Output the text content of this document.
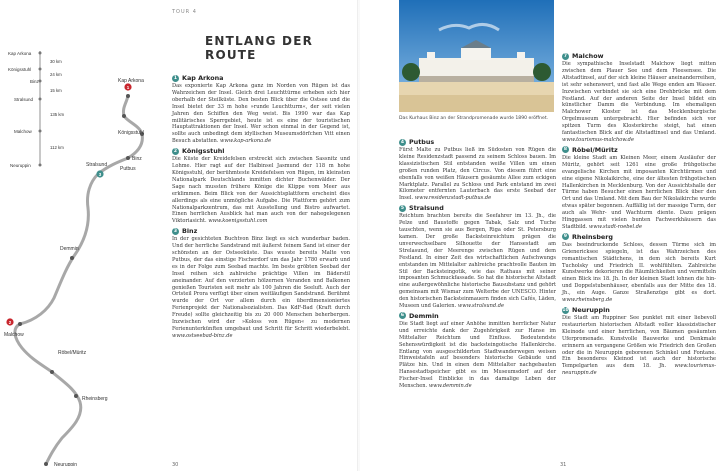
TOUR 4
ENTLANG DER ROUTE
Kap Arkona
Königsstuhl
Binz
Stralsund
Malchow
Neuruppin
30 km
24 km
15 km
135 km
112 km
1
3
2
Kap Arkona
Königsstuhl
Binz
Putbus
Stralsund
Demmin
Malchow
Röbel/Müritz
Rheinsberg
Neuruppin
1 Kap Arkona

Das exponierte Kap Arkona ganz im Norden von Rügen ist das Wahrzeichen der Insel. Gleich drei Leuchttürme erheben sich hier oberhalb der Steilküste. Den besten Blick über die Ostsee und die Insel bietet der 33 m hohe »runde Leuchtturm«, der seit vielen Jahren den Schiffen den Weg weist. Bis 1990 war das Kap militärisches Sperrgebiet, heute ist es eine der touristischen Hauptattraktionen der Insel. Wer schon einmal in der Gegend ist, sollte auch unbedingt dem idyllischen Museumsdörfchen Vitt einen Besuch abstatten. www.kap-arkona.de

2 Königsstuhl

Die Küste der Kreidefelsen erstreckt sich zwischen Sassnitz und Lohme. Hier ragt auf der Halbinsel Jasmund der 118 m hohe Königsstuhl, der berühmteste Kreidefelsen von Rügen, im kleinsten Nationalpark Deutschlands inmitten dichter Buchenwälder. Der Sage nach mussten frühere Könige die Klippe vom Meer aus erklimmen. Beim Blick von der Aussichtsplattform erscheint dies allerdings als eine unmögliche Aufgabe. Die Plattform gehört zum Nationalparkzentrum, das mit Ausstellung und Bistro aufwartet. Einen herrlichen Ausblick hat man auch von der nahegelegenen Viktoriasicht. www.koenigsstuhl.com

3 Binz

In der gesichteten Buchtvon Binz liegt es sich wunderbar baden. Und der herrliche Sandstrand mit äußerst feinem Sand ist einer der schönsten an der Ostseeküste. Das wusste bereits Malte von Putbus, der das einstige Fischerdorf um das Jahr 1780 erwarb und es in der Folge zum Seebad machte. Im beste gröbten Seebad der Insel reihen sich zahlreiche prächtige Villen im Bäderstil aneinander. Auf den verzierten hölzernen Veranden und Balkonen genießen Touristen seit mehr als 100 Jahren die Seeluft. Auch der Ortsteil Prora verfügt über einen weitläufigen Sandstrand. Berühmt wurde der Ort vor allem durch ein überdimensioniertes Ferienprojekt der Nationalsozialisten. Das KdF-Bad (Kraft durch Freude) sollte gleichzeitig bis zu 20 000 Menschen beherbergen. Inzwischen wird der »Koloss von Rügen« zu modernen Ferienunterkünften umgebaut und Schritt für Schritt wiederbelebt. www.ostseebad-binz.de

30	31
Das Kurhaus Binz an der Strandpromenade wurde 1890 eröffnet.
4 Putbus

Fürst Malte zu Putbus ließ im Südosten von Rügen die kleine Residenzstadt passend zu seinem Schloss bauen. Im klassizistischen Stil entstanden weiße Villen um einen großen runden Platz, den Circus. Von diesem führt eine ebenfalls von weißen Häusern gesäumte Allee zum eckigen Marktplatz. Parallel zu Schloss und Park entstand im zwei Kilometer entfernten Lauterbach das erste Seebad der Insel. www.residenzstadt-putbus.de

5 Stralsund

Reichtum brachten bereits die Seefahrer im 13. Jh., die Pelze und Baustoffe gegen Tabak, Salz und Tuche tauschten, wenn sie aus Bergen, Riga oder St. Petersburg kamen. Der große Backsteinreichtum prägen die unverwechselbare Silhouette der Hansestadt am Strelasund, der Meerenge zwischen Rügen und dem Festland. In einer Zeit des wirtschaftlichen Aufschwungs entstanden im Mittelalter zahlreiche prachtvolle Bauten im Stil der Backsteingotik, wie das Rathaus mit seiner imposanten Schmuckfassade. So hat die historische Altstadt eine außergewöhnliche historische Bausubstanz und gehört gemeinsam mit Wismar zum Welterbe der UNESCO. Hinter den historischen Backsteinmauern finden sich Cafés, Läden, Museen und Galerien. www.stralsund.de

6 Demmin

Die Stadt liegt auf einer Anhöhe inmitten herrlicher Natur und erreichte dank der Zugehörigkeit zur Hanse im Mittelalter Reichtum und Einfluss. Bedeutendste Sehenswürdigkeit ist die backsteingotische Hallenkirche. Entlang von ausgeschilderten Stadtwanderwegen weisen Hinweistafeln auf besonders historische Gebäude und Plätze hin. Und in einen dem Mittelalter nachgebauten Hansestadtspeicher gibt es im Museumsdorf auf der Fischer-Insel Einblicke in das damalige Leben der Menschen. www.demmin.de

7 Malchow

Die sympathische Inselstadt Malchow liegt mitten zwischen dem Plauer See und dem Fleesensee. Die Altstadtinsel, auf der sich kleine Häuser aneinanderreihen, ist sehr sehenswert, und fast alle Wege enden am Wasser. Inzwischen verbindet sie sich eine Drehbrücke mit dem Festland. Auf der anderen Seite der Insel bildet ein künstlicher Damm die Verbindung. Im ehemaligen Malchower Kloster ist das Mecklenburgische Orgelmuseum untergebracht. Hier befinden sich vor spitzen Turm des Klosterkirche steigt, hat einen fantastischen Blick auf die Altstadtinsel und das Umland. www.tourismus-malchow.de

8 Röbel/Müritz

Die kleine Stadt am Kleinen Meer, einem Ausläufer der Müritz, gehört seit 1261 eine große frühgotische evangelische Kirchen mit imposanten Kirchtürmen und eine eigene Nikolaikirche, eine der ältesten frühgotischen Hallenkirchen in Mecklenburg. Von der Aussichtshalle der Türme haben Besucher einen herrlichen Blick über den Ort und das Umland. Mit dem Bau der Nikolaikirche wurde etwas später begonnen. Auffällig ist der massige Turm, der auch als Wehr- und Wachturm diente. Dazu prägen Hinggassen mit vielen bunten Fachwerkhäusern das Stadtbild. www.stadt-roebel.de

9 Rheinsberg

Das beeindruckende Schloss, dessen Türme sich im Grienericksee spiegeln, ist das Wahrzeichen des romantischen Städtchens, in dem sich bereits Kurt Tucholsky und Friedrich II. wohlfühlten. Zahlreiche Kunstwerke dekorieren die Räumlichkeiten und vermitteln einen Blick ins 18. Jh. In der kleinen Stadt lohnen die hin- und Doppelstubenhäuser, ebenfalls aus der Mitte des 18. Jh., ein Auge. Ganze Straßenzüge gibt es dort. www.rheinsberg.de

10 Neuruppin

Die Stadt am Ruppiner See punktet mit einer liebevoll restaurierten historischen Altstadt voller klassizistischer Kleinode und einer herrlichen, von Bäumen gesäumten Uferpromenade. Kunstvolle Bauwerke und Denkmale erinnern an vergangene Größen wie Friedrich den Großen oder die in Neuruppin geborenen Schinkel und Fontane. Ein besonderes Kleinod ist auch der historische Tempelgarten aus dem 18. Jh. www.tourismus-neuruppin.de
